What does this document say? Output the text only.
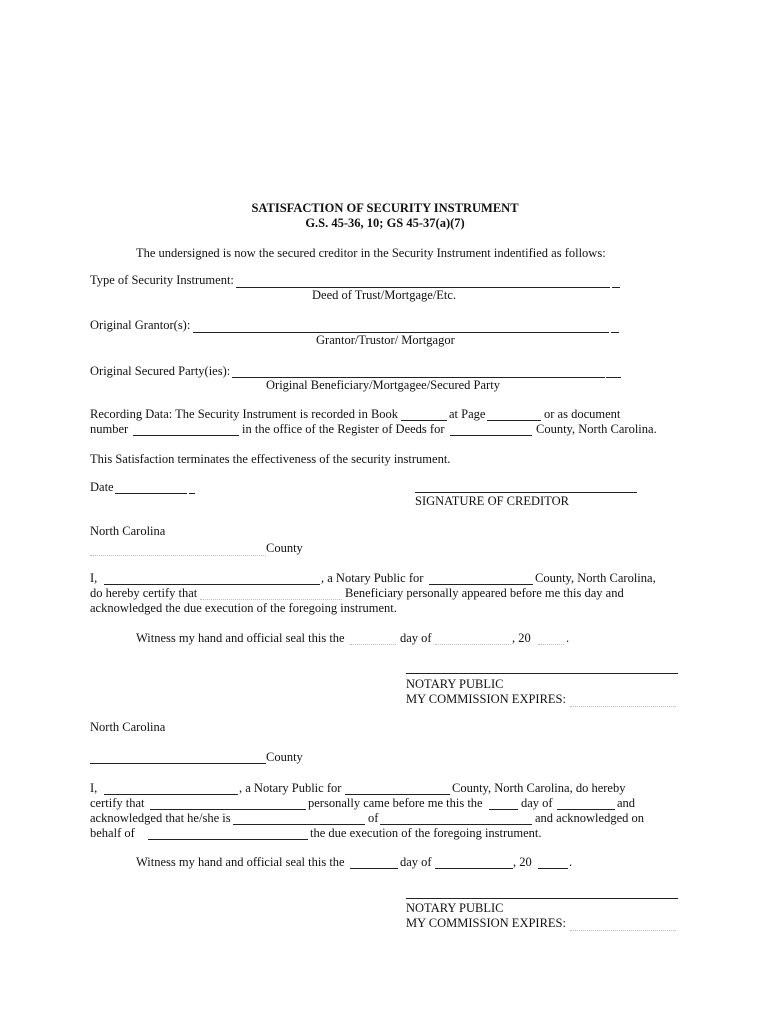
SATISFACTION OF SECURITY INSTRUMENT
G.S. 45-36, 10; GS 45-37(a)(7)
The undersigned is now the secured creditor in the Security Instrument indentified as follows:
Type of Security Instrument:
Deed of Trust/Mortgage/Etc.
Original Grantor(s):
Grantor/Trustor/ Mortgagor
Original Secured Party(ies):
Original Beneficiary/Mortgagee/Secured Party
Recording Data: The Security Instrument is recorded in Book	at Page	or as document
number	in the office of the Register of Deeds for	County, North Carolina.
This Satisfaction terminates the effectiveness of the security instrument.
Date
SIGNATURE OF CREDITOR
North Carolina
County
I,	, a Notary Public for	County, North Carolina,
do hereby certify that	Beneficiary personally appeared before me this day and
acknowledged the due execution of the foregoing instrument.
Witness my hand and official seal this the	day of	, 20	.
NOTARY PUBLIC
MY COMMISSION EXPIRES:
North Carolina
County
I,	, a Notary Public for	County, North Carolina, do hereby
certify that	personally came before me this the	day of	and
acknowledged that he/she is	of	and acknowledged on
behalf of	the due execution of the foregoing instrument.
Witness my hand and official seal this the	day of	, 20	.
NOTARY PUBLIC
MY COMMISSION EXPIRES:
